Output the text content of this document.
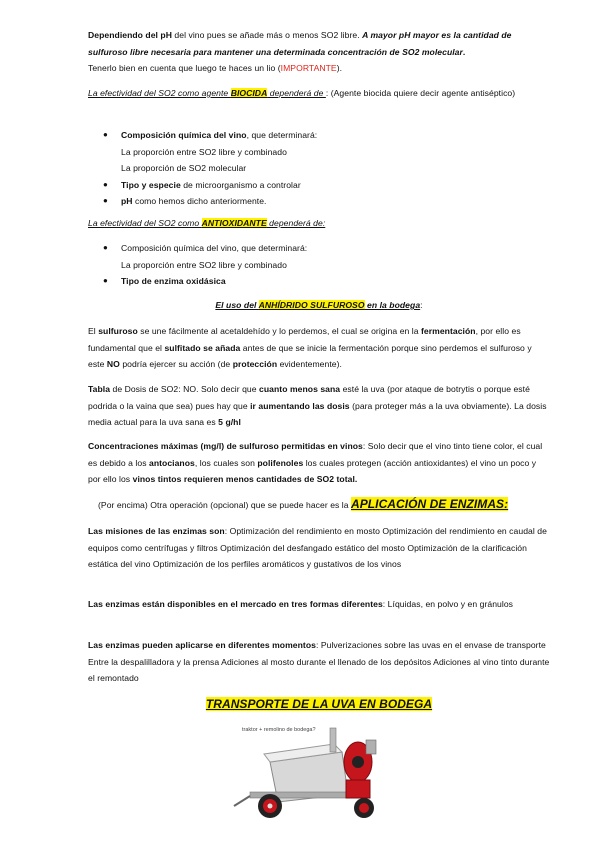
Dependiendo del pH del vino pues se añade más o menos SO2 libre. A mayor pH mayor es la cantidad de sulfuroso libre necesaria para mantener una determinada concentración de SO2 molecular.

Tenerlo bien en cuenta que luego te haces un lio (IMPORTANTE).

La efectividad del SO2 como agente BIOCIDA dependerá de : (Agente biocida quiere decir agente antiséptico)

● Composición química del vino, que determinará:
La proporción entre SO2 libre y combinado
La proporción de SO2 molecular
● Tipo y especie de microorganismo a controlar
● pH como hemos dicho anteriormente.

La efectividad del SO2 como ANTIOXIDANTE dependerá de:

● Composición química del vino, que determinará:
La proporción entre SO2 libre y combinado
● Tipo de enzima oxidásica

El uso del ANHÍDRIDO SULFUROSO en la bodega:

El sulfuroso se une fácilmente al acetaldehído y lo perdemos, el cual se origina en la fermentación, por ello es fundamental que el sulfitado se añada antes de que se inicie la fermentación porque sino perdemos el sulfuroso y este NO podría ejercer su acción (de protección evidentemente).

Tabla de Dosis de SO2: NO. Solo decir que cuanto menos sana esté la uva (por ataque de botrytis o porque esté podrida o la vaina que sea) pues hay que ir aumentando las dosis (para proteger más a la uva obviamente). La dosis media actual para la uva sana es 5 g/hl

Concentraciones máximas (mg/l) de sulfuroso permitidas en vinos: Solo decir que el vino tinto tiene color, el cual es debido a los antocianos, los cuales son polifenoles los cuales protegen (acción antioxidantes) el vino un poco y por ello los vinos tintos requieren menos cantidades de SO2 total.

(Por encima) Otra operación (opcional) que se puede hacer es la APLICACIÓN DE ENZIMAS:

Las misiones de las enzimas son: Optimización del rendimiento en mosto Optimización del rendimiento en caudal de equipos como centrífugas y filtros Optimización del desfangado estático del mosto Optimización de la clarificación estática del vino Optimización de los perfiles aromáticos y gustativos de los vinos

Las enzimas están disponibles en el mercado en tres formas diferentes: Líquidas, en polvo y en gránulos

Las enzimas pueden aplicarse en diferentes momentos: Pulverizaciones sobre las uvas en el envase de transporte Entre la despalilladora y la prensa Adiciones al mosto durante el llenado de los depósitos Adiciones al vino tinto durante el remontado

TRANSPORTE DE LA UVA EN BODEGA
traktor + remolino de bodega?
